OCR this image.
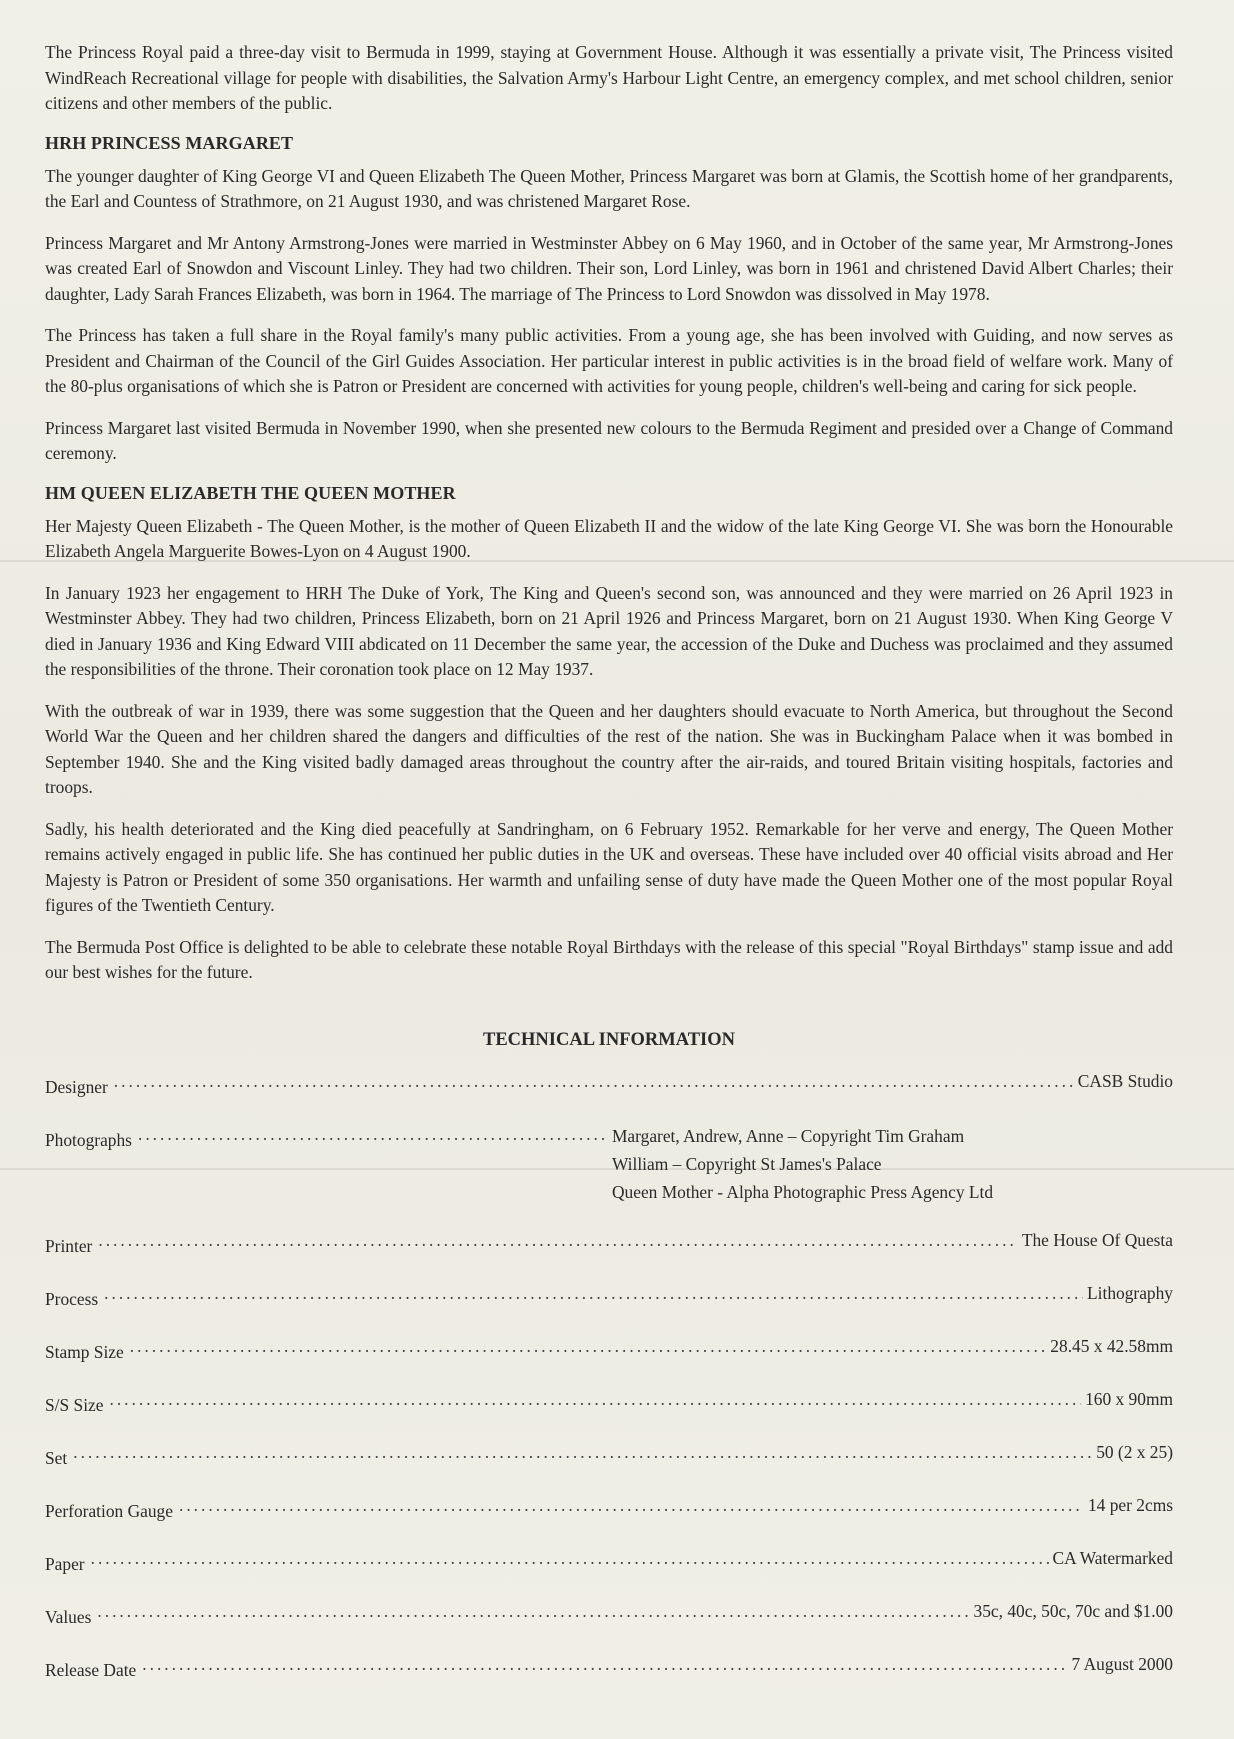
The Princess Royal paid a three-day visit to Bermuda in 1999, staying at Government House. Although it was essentially a private visit, The Princess visited WindReach Recreational village for people with disabilities, the Salvation Army's Harbour Light Centre, an emergency complex, and met school children, senior citizens and other members of the public.

HRH PRINCESS MARGARET

The younger daughter of King George VI and Queen Elizabeth The Queen Mother, Princess Margaret was born at Glamis, the Scottish home of her grandparents, the Earl and Countess of Strathmore, on 21 August 1930, and was christened Margaret Rose.

Princess Margaret and Mr Antony Armstrong-Jones were married in Westminster Abbey on 6 May 1960, and in October of the same year, Mr Armstrong-Jones was created Earl of Snowdon and Viscount Linley. They had two children. Their son, Lord Linley, was born in 1961 and christened David Albert Charles; their daughter, Lady Sarah Frances Elizabeth, was born in 1964. The marriage of The Princess to Lord Snowdon was dissolved in May 1978.

The Princess has taken a full share in the Royal family's many public activities. From a young age, she has been involved with Guiding, and now serves as President and Chairman of the Council of the Girl Guides Association. Her particular interest in public activities is in the broad field of welfare work. Many of the 80-plus organisations of which she is Patron or President are concerned with activities for young people, children's well-being and caring for sick people.

Princess Margaret last visited Bermuda in November 1990, when she presented new colours to the Bermuda Regiment and presided over a Change of Command ceremony.

HM QUEEN ELIZABETH THE QUEEN MOTHER

Her Majesty Queen Elizabeth - The Queen Mother, is the mother of Queen Elizabeth II and the widow of the late King George VI. She was born the Honourable Elizabeth Angela Marguerite Bowes-Lyon on 4 August 1900.

In January 1923 her engagement to HRH The Duke of York, The King and Queen's second son, was announced and they were married on 26 April 1923 in Westminster Abbey. They had two children, Princess Elizabeth, born on 21 April 1926 and Princess Margaret, born on 21 August 1930. When King George V died in January 1936 and King Edward VIII abdicated on 11 December the same year, the accession of the Duke and Duchess was proclaimed and they assumed the responsibilities of the throne. Their coronation took place on 12 May 1937.

With the outbreak of war in 1939, there was some suggestion that the Queen and her daughters should evacuate to North America, but throughout the Second World War the Queen and her children shared the dangers and difficulties of the rest of the nation. She was in Buckingham Palace when it was bombed in September 1940. She and the King visited badly damaged areas throughout the country after the air-raids, and toured Britain visiting hospitals, factories and troops.

Sadly, his health deteriorated and the King died peacefully at Sandringham, on 6 February 1952. Remarkable for her verve and energy, The Queen Mother remains actively engaged in public life. She has continued her public duties in the UK and overseas. These have included over 40 official visits abroad and Her Majesty is Patron or President of some 350 organisations. Her warmth and unfailing sense of duty have made the Queen Mother one of the most popular Royal figures of the Twentieth Century.

The Bermuda Post Office is delighted to be able to celebrate these notable Royal Birthdays with the release of this special "Royal Birthdays" stamp issue and add our best wishes for the future.

TECHNICAL INFORMATION
Designer .....	CASB Studio
Photographs .....	Margaret, Andrew, Anne – Copyright Tim Graham
William – Copyright St James's Palace
Queen Mother - Alpha Photographic Press Agency Ltd
Printer .....	The House Of Questa
Process .....	Lithography
Stamp Size .....	28.45 x 42.58mm
S/S Size .....	160 x 90mm
Set .....	50 (2 x 25)
Perforation Gauge .....	14 per 2cms
Paper .....	CA Watermarked
Values .....	35c, 40c, 50c, 70c and $1.00
Release Date .....	7 August 2000
